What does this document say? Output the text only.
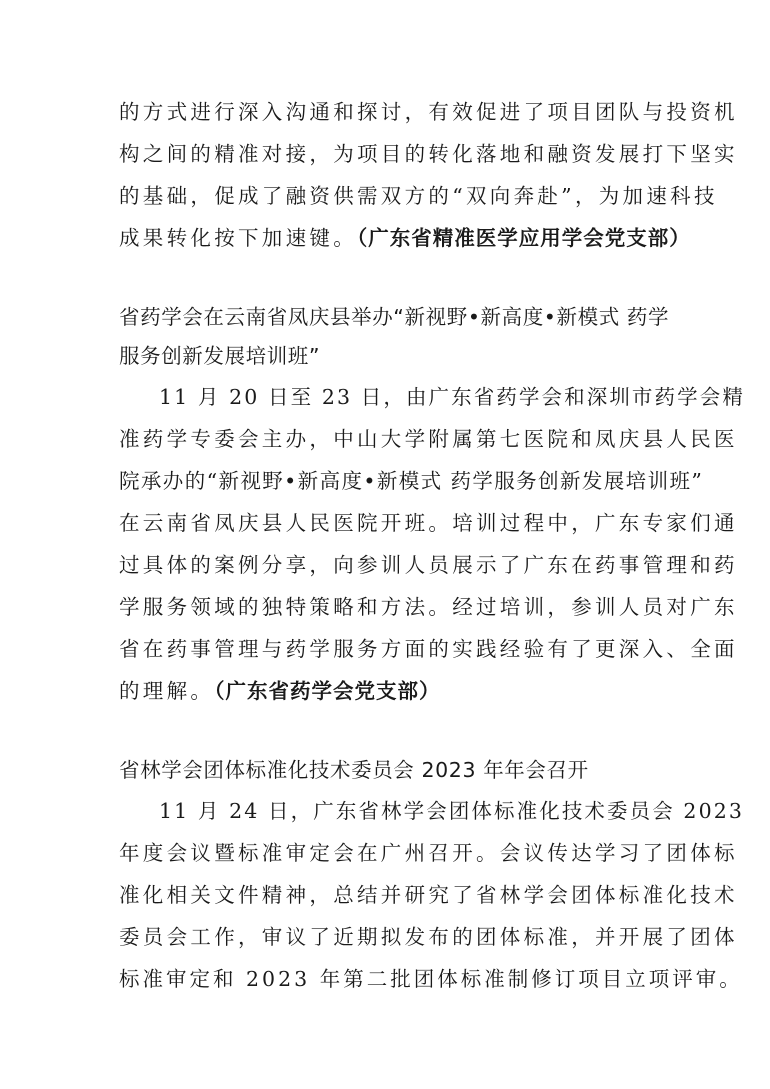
的方式进行深入沟通和探讨，有效促进了项目团队与投资机
构之间的精准对接，为项目的转化落地和融资发展打下坚实
的基础，促成了融资供需双方的“双向奔赴”，为加速科技
成果转化按下加速键。（广东省精准医学应用学会党支部）
省药学会在云南省凤庆县举办“新视野•新高度•新模式 药学
服务创新发展培训班”
11 月 20 日至 23 日，由广东省药学会和深圳市药学会精
准药学专委会主办，中山大学附属第七医院和凤庆县人民医
院承办的“新视野•新高度•新模式 药学服务创新发展培训班”
在云南省凤庆县人民医院开班。培训过程中，广东专家们通
过具体的案例分享，向参训人员展示了广东在药事管理和药
学服务领域的独特策略和方法。经过培训，参训人员对广东
省在药事管理与药学服务方面的实践经验有了更深入、全面
的理解。（广东省药学会党支部）
省林学会团体标准化技术委员会 2023 年年会召开
11 月 24 日，广东省林学会团体标准化技术委员会 2023
年度会议暨标准审定会在广州召开。会议传达学习了团体标
准化相关文件精神，总结并研究了省林学会团体标准化技术
委员会工作，审议了近期拟发布的团体标准，并开展了团体
标准审定和 2023 年第二批团体标准制修订项目立项评审。
